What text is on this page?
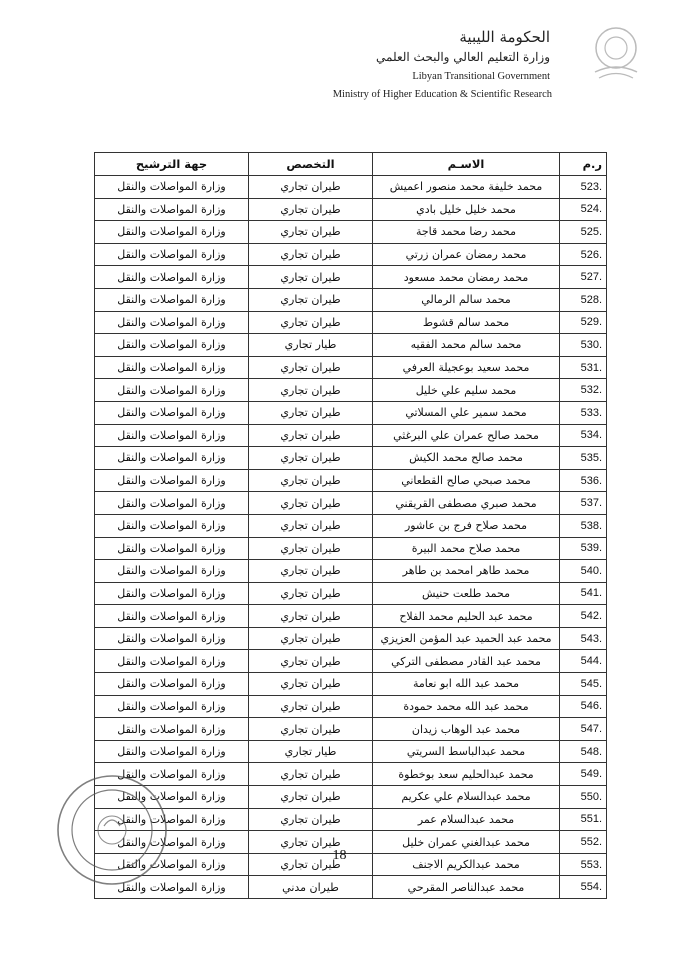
الحكومة الليبية
وزارة التعليم العالي والبحث العلمي
Libyan Transitional Government
Ministry of Higher Education & Scientific Research
ر.م	الاسـم	التخصص	جهة الترشيح
.523	محمد خليفة محمد منصور اعميش	طيران تجاري	وزارة المواصلات والنقل
.524	محمد خليل خليل بادي	طيران تجاري	وزارة المواصلات والنقل
.525	محمد رضا محمد قاجة	طيران تجاري	وزارة المواصلات والنقل
.526	محمد رمضان عمران زرتي	طيران تجاري	وزارة المواصلات والنقل
.527	محمد رمضان محمد مسعود	طيران تجاري	وزارة المواصلات والنقل
.528	محمد سالم الرمالي	طيران تجاري	وزارة المواصلات والنقل
.529	محمد سالم قشوط	طيران تجاري	وزارة المواصلات والنقل
.530	محمد سالم محمد الفقيه	طيار تجاري	وزارة المواصلات والنقل
.531	محمد سعيد بوعجيلة العرفي	طيران تجاري	وزارة المواصلات والنقل
.532	محمد سليم علي خليل	طيران تجاري	وزارة المواصلات والنقل
.533	محمد سمير علي المسلاتي	طيران تجاري	وزارة المواصلات والنقل
.534	محمد صالح عمران علي البرغثي	طيران تجاري	وزارة المواصلات والنقل
.535	محمد صالح محمد الكيش	طيران تجاري	وزارة المواصلات والنقل
.536	محمد صبحي صالح القطعاني	طيران تجاري	وزارة المواصلات والنقل
.537	محمد صبري مصطفى القريقني	طيران تجاري	وزارة المواصلات والنقل
.538	محمد صلاح فرج بن عاشور	طيران تجاري	وزارة المواصلات والنقل
.539	محمد صلاح محمد البيرة	طيران تجاري	وزارة المواصلات والنقل
.540	محمد طاهر امحمد بن طاهر	طيران تجاري	وزارة المواصلات والنقل
.541	محمد طلعت حنيش	طيران تجاري	وزارة المواصلات والنقل
.542	محمد عبد الحليم محمد الفلاح	طيران تجاري	وزارة المواصلات والنقل
.543	محمد عبد الحميد عبد المؤمن العزيزي	طيران تجاري	وزارة المواصلات والنقل
.544	محمد عبد القادر مصطفى التركي	طيران تجاري	وزارة المواصلات والنقل
.545	محمد عبد الله ابو نعامة	طيران تجاري	وزارة المواصلات والنقل
.546	محمد عبد الله محمد حمودة	طيران تجاري	وزارة المواصلات والنقل
.547	محمد عبد الوهاب زيدان	طيران تجاري	وزارة المواصلات والنقل
.548	محمد عبدالباسط السريتي	طيار تجاري	وزارة المواصلات والنقل
.549	محمد عبدالحليم سعد بوخطوة	طيران تجاري	وزارة المواصلات والنقل
.550	محمد عبدالسلام علي عكريم	طيران تجاري	وزارة المواصلات والنقل
.551	محمد عبدالسلام عمر	طيران تجاري	وزارة المواصلات والنقل
.552	محمد عبدالغني عمران خليل	طيران تجاري	وزارة المواصلات والنقل
.553	محمد عبدالكريم الاجنف	طيران تجاري	وزارة المواصلات والنقل
.554	محمد عبدالناصر المقرحي	طيران مدني	وزارة المواصلات والنقل
18
